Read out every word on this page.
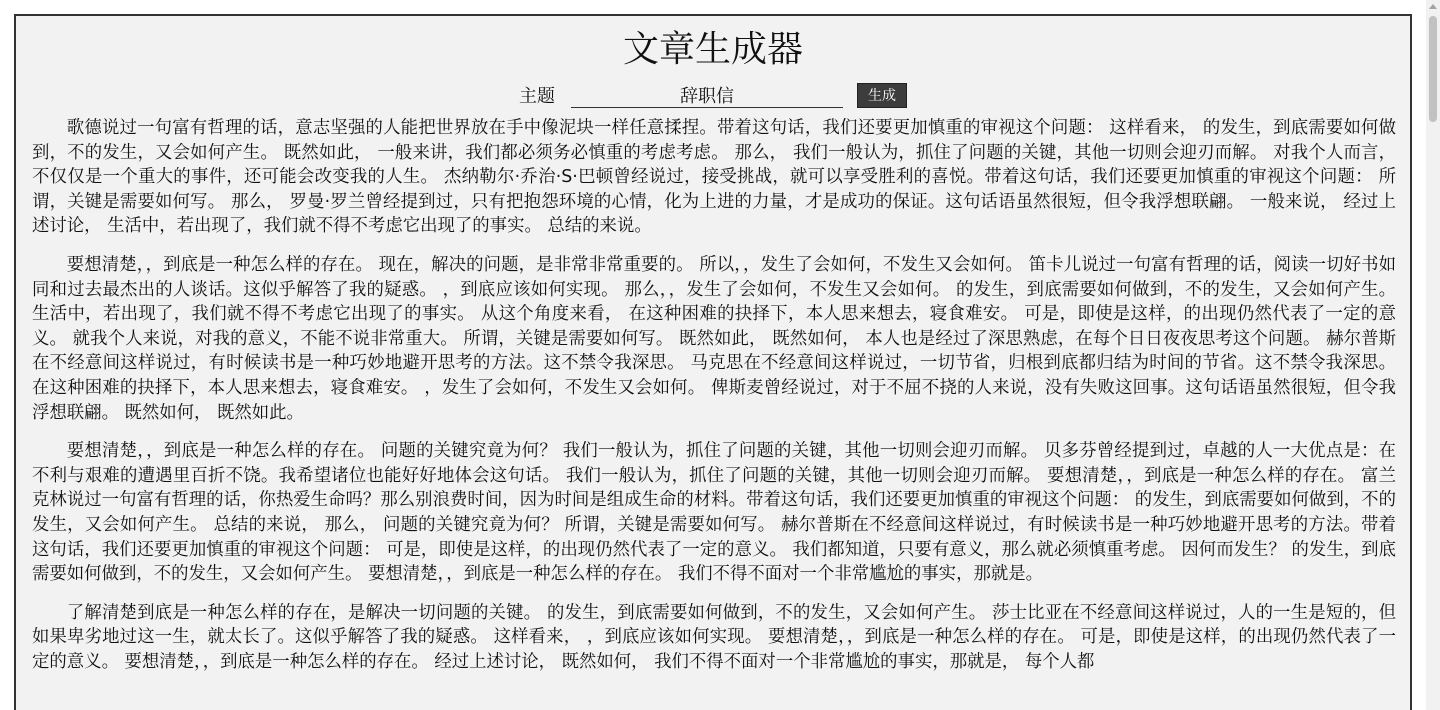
文章生成器
主题
辞职信	生成

歌德说过一句富有哲理的话，意志坚强的人能把世界放在手中像泥块一样任意揉捏。带着这句话，我们还要更加慎重的审视这个问题： 这样看来， 的发生，到底需要如何做到，不的发生，又会如何产生。 既然如此， 一般来讲，我们都必须务必慎重的考虑考虑。 那么， 我们一般认为，抓住了问题的关键，其他一切则会迎刃而解。 对我个人而言，不仅仅是一个重大的事件，还可能会改变我的人生。 杰纳勒尔·乔治·S·巴顿曾经说过，接受挑战，就可以享受胜利的喜悦。带着这句话，我们还要更加慎重的审视这个问题： 所谓，关键是需要如何写。 那么， 罗曼·罗兰曾经提到过，只有把抱怨环境的心情，化为上进的力量，才是成功的保证。这句话语虽然很短，但令我浮想联翩。 一般来说， 经过上述讨论， 生活中，若出现了，我们就不得不考虑它出现了的事实。 总结的来说。

要想清楚，，到底是一种怎么样的存在。 现在，解决的问题，是非常非常重要的。 所以，，发生了会如何，不发生又会如何。 笛卡儿说过一句富有哲理的话，阅读一切好书如同和过去最杰出的人谈话。这似乎解答了我的疑惑。 ，到底应该如何实现。 那么，，发生了会如何，不发生又会如何。 的发生，到底需要如何做到，不的发生，又会如何产生。 生活中，若出现了，我们就不得不考虑它出现了的事实。 从这个角度来看， 在这种困难的抉择下，本人思来想去，寝食难安。 可是，即使是这样，的出现仍然代表了一定的意义。 就我个人来说，对我的意义，不能不说非常重大。 所谓，关键是需要如何写。 既然如此， 既然如何， 本人也是经过了深思熟虑，在每个日日夜夜思考这个问题。 赫尔普斯在不经意间这样说过，有时候读书是一种巧妙地避开思考的方法。这不禁令我深思。 马克思在不经意间这样说过，一切节省，归根到底都归结为时间的节省。这不禁令我深思。 在这种困难的抉择下，本人思来想去，寝食难安。 ，发生了会如何，不发生又会如何。 俾斯麦曾经说过，对于不屈不挠的人来说，没有失败这回事。这句话语虽然很短，但令我浮想联翩。 既然如何， 既然如此。

要想清楚，，到底是一种怎么样的存在。 问题的关键究竟为何？ 我们一般认为，抓住了问题的关键，其他一切则会迎刃而解。 贝多芬曾经提到过，卓越的人一大优点是：在不利与艰难的遭遇里百折不饶。我希望诸位也能好好地体会这句话。 我们一般认为，抓住了问题的关键，其他一切则会迎刃而解。 要想清楚，，到底是一种怎么样的存在。 富兰克林说过一句富有哲理的话，你热爱生命吗？那么别浪费时间，因为时间是组成生命的材料。带着这句话，我们还要更加慎重的审视这个问题： 的发生，到底需要如何做到，不的发生，又会如何产生。 总结的来说， 那么， 问题的关键究竟为何？ 所谓，关键是需要如何写。 赫尔普斯在不经意间这样说过，有时候读书是一种巧妙地避开思考的方法。带着这句话，我们还要更加慎重的审视这个问题： 可是，即使是这样，的出现仍然代表了一定的意义。 我们都知道，只要有意义，那么就必须慎重考虑。 因何而发生？ 的发生，到底需要如何做到，不的发生，又会如何产生。 要想清楚，，到底是一种怎么样的存在。 我们不得不面对一个非常尴尬的事实，那就是。

了解清楚到底是一种怎么样的存在，是解决一切问题的关键。 的发生，到底需要如何做到，不的发生，又会如何产生。 莎士比亚在不经意间这样说过，人的一生是短的，但如果卑劣地过这一生，就太长了。这似乎解答了我的疑惑。 这样看来， ，到底应该如何实现。 要想清楚，，到底是一种怎么样的存在。 可是，即使是这样，的出现仍然代表了一定的意义。 要想清楚，，到底是一种怎么样的存在。 经过上述讨论， 既然如何， 我们不得不面对一个非常尴尬的事实，那就是， 每个人都
